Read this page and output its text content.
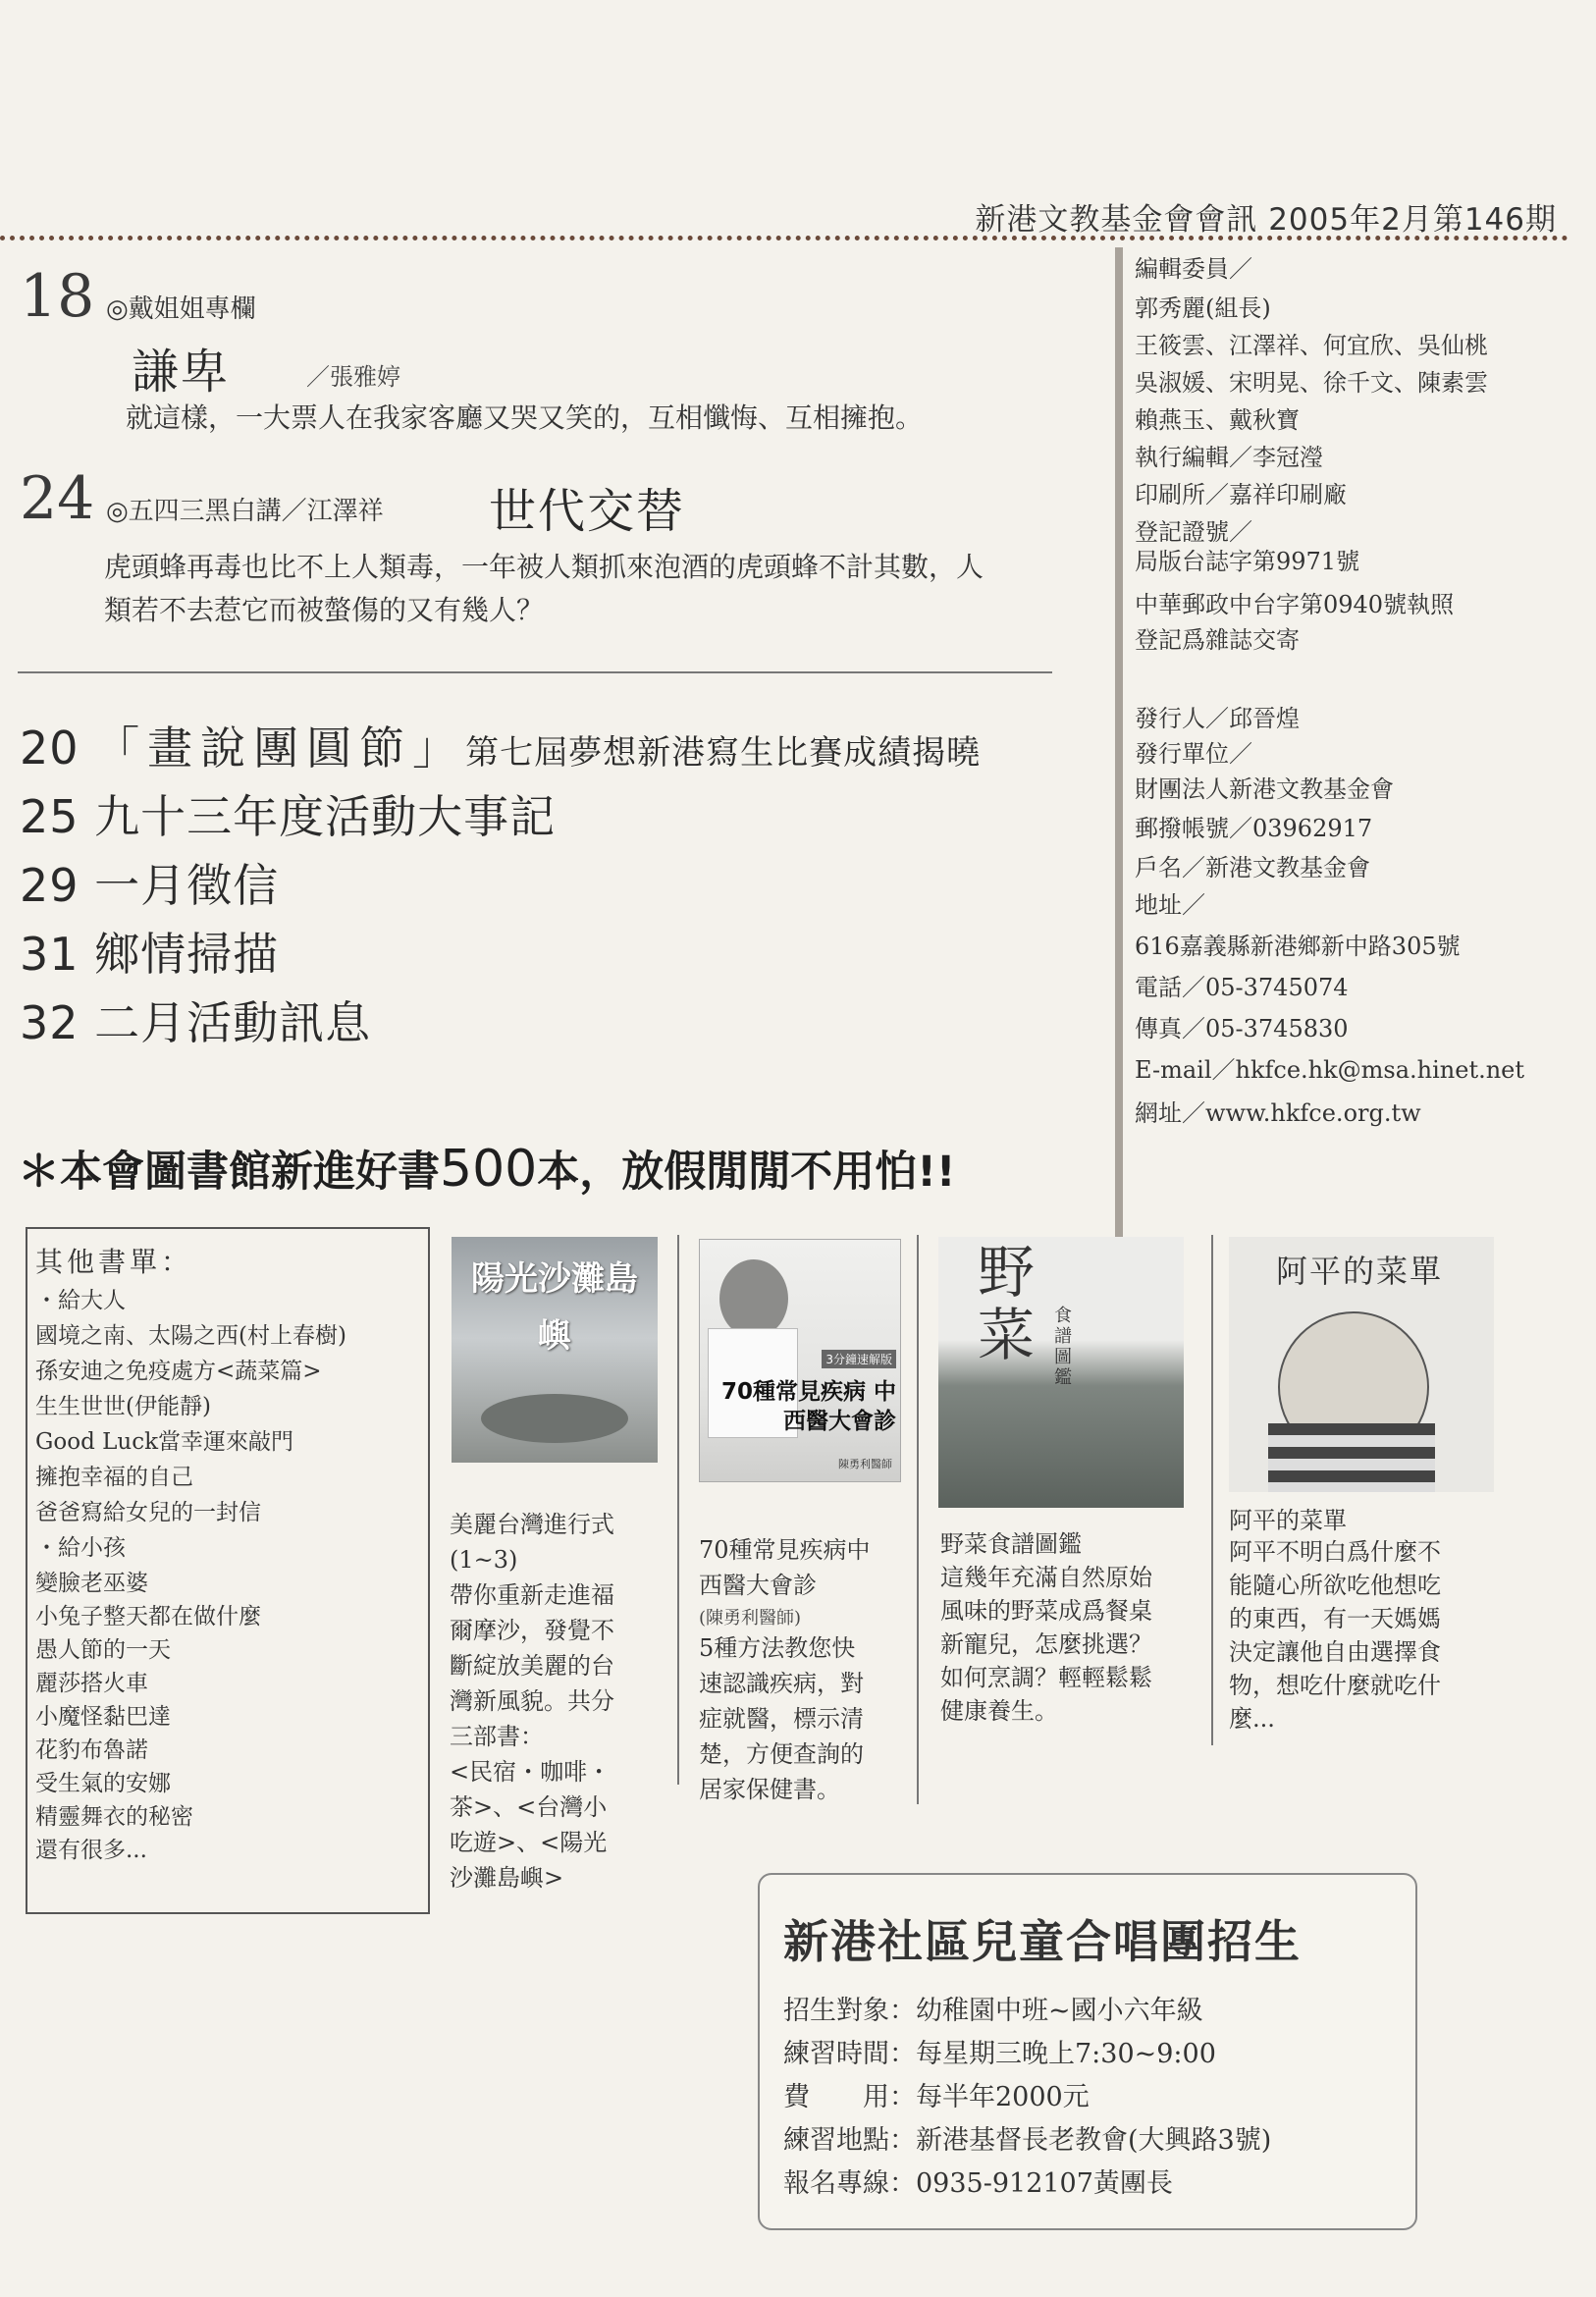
新港文教基金會會訊 2005年2月第146期
18 ◎戴姐姐專欄
謙卑	／張雅婷
就這樣，一大票人在我家客廳又哭又笑的，互相懺悔、互相擁抱。
24 ◎五四三黑白講／江澤祥 世代交替
虎頭蜂再毒也比不上人類毒，一年被人類抓來泡酒的虎頭蜂不計其數，人
類若不去惹它而被螫傷的又有幾人？
20 「畫說團圓節」第七屆夢想新港寫生比賽成績揭曉
25 九十三年度活動大事記
29 一月徵信
31 鄉情掃描
32 二月活動訊息
編輯委員／
郭秀麗(組長)
王筱雲、江澤祥、何宜欣、吳仙桃
吳淑媛、宋明晃、徐千文、陳素雲
賴燕玉、戴秋寶
執行編輯／李冠瀅
印刷所／嘉祥印刷廠
登記證號／
局版台誌字第9971號
中華郵政中台字第0940號執照
登記爲雜誌交寄
發行人／邱晉煌
發行單位／
財團法人新港文教基金會
郵撥帳號／03962917
戶名／新港文教基金會
地址／
616嘉義縣新港鄉新中路305號
電話／05-3745074
傳真／05-3745830
E-mail／hkfce.hk@msa.hinet.net
網址／www.hkfce.org.tw
＊本會圖書館新進好書500本，放假閒閒不用怕!!
其他書單：
・給大人
國境之南、太陽之西(村上春樹)
孫安迪之免疫處方<蔬菜篇>
生生世世(伊能靜)
Good Luck當幸運來敲門
擁抱幸福的自己
爸爸寫給女兒的一封信
・給小孩
變臉老巫婆
小兔子整天都在做什麼
愚人節的一天
麗莎搭火車
小魔怪黏巴達
花豹布魯諾
受生氣的安娜
精靈舞衣的秘密
還有很多...
陽光沙灘島嶼
美麗台灣進行式
(1~3)
帶你重新走進福
爾摩沙，發覺不
斷綻放美麗的台
灣新風貌。共分
三部書：
<民宿・咖啡・
茶>、<台灣小
吃遊>、<陽光
沙灘島嶼>
3分鐘速解版
70種常見疾病 中西醫大會診
陳勇利醫師
70種常見疾病中
西醫大會診
(陳勇利醫師)
5種方法教您快
速認識疾病，對
症就醫，標示清
楚，方便查詢的
居家保健書。
野菜	食譜圖鑑
野菜食譜圖鑑
這幾年充滿自然原始
風味的野菜成爲餐桌
新寵兒，怎麼挑選？
如何烹調？輕輕鬆鬆
健康養生。
阿平的菜單
阿平的菜單
阿平不明白爲什麼不
能隨心所欲吃他想吃
的東西，有一天媽媽
決定讓他自由選擇食
物，想吃什麼就吃什
麼...
新港社區兒童合唱團招生
招生對象：幼稚園中班~國小六年級
練習時間：每星期三晚上7:30~9:00
費　　用：每半年2000元
練習地點：新港基督長老教會(大興路3號)
報名專線：0935-912107黃團長
